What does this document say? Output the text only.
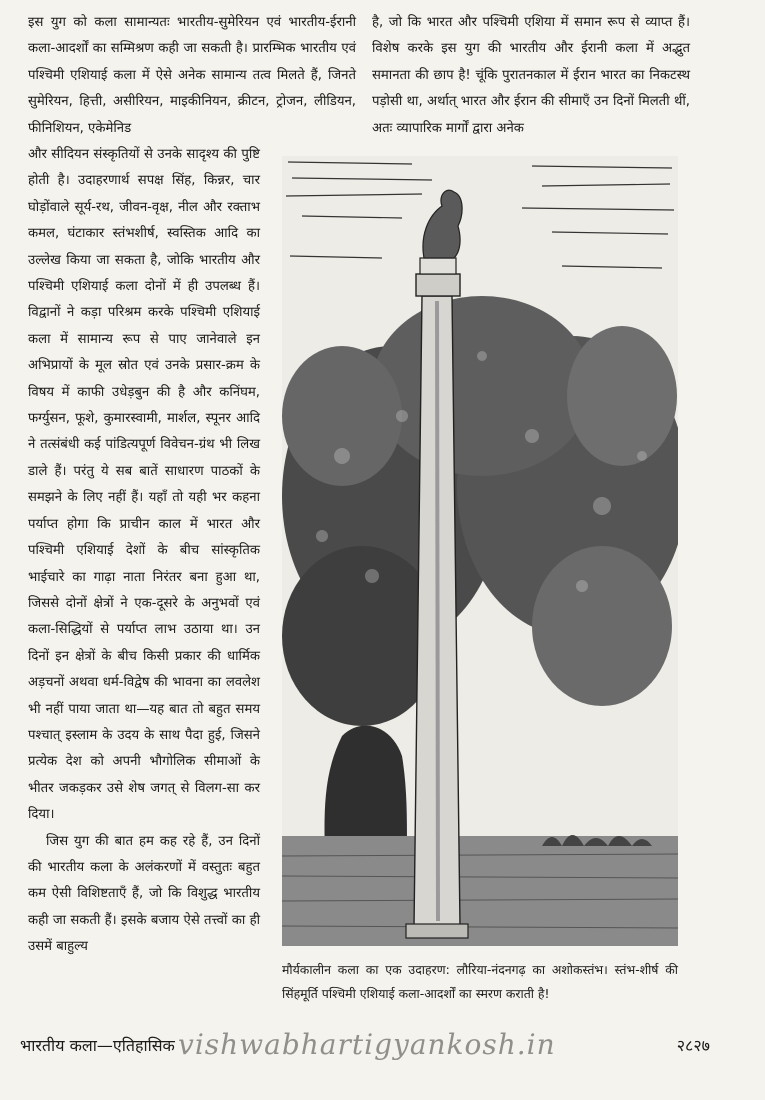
इस युग को कला सामान्यतः भारतीय-सुमेरियन एवं भारतीय-ईरानी कला-आदर्शों का सम्मिश्रण कही जा सकती है। प्रारम्भिक भारतीय एवं पश्चिमी एशियाई कला में ऐसे अनेक सामान्य तत्व मिलते हैं, जिनते सुमेरियन, हित्ती, असीरियन, माइकीनियन, क्रीटन, ट्रोजन, लीडियन, फीनिशियन, एकेमेनिड

है, जो कि भारत और पश्चिमी एशिया में समान रूप से व्याप्त हैं। विशेष करके इस युग की भारतीय और ईरानी कला में अद्भुत समानता की छाप है! चूंकि पुरातनकाल में ईरान भारत का निकटस्थ पड़ोसी था, अर्थात् भारत और ईरान की सीमाएँ उन दिनों मिलती थीं, अतः व्यापारिक मार्गों द्वारा अनेक

और सीदियन संस्कृतियों से उनके सादृश्य की पुष्टि होती है। उदाहरणार्थ सपक्ष सिंह, किन्नर, चार घोड़ोंवाले सूर्य-रथ, जीवन-वृक्ष, नील और रक्ताभ कमल, घंटाकार स्तंभशीर्ष, स्वस्तिक आदि का उल्लेख किया जा सकता है, जोकि भारतीय और पश्चिमी एशियाई कला दोनों में ही उपलब्ध हैं। विद्वानों ने कड़ा परिश्रम करके पश्चिमी एशियाई कला में सामान्य रूप से पाए जानेवाले इन अभिप्रायों के मूल स्रोत एवं उनके प्रसार-क्रम के विषय में काफी उधेड़बुन की है और कनिंघम, फर्ग्युसन, फूशे, कुमारस्वामी, मार्शल, स्पूनर आदि ने तत्संबंधी कई पांडित्यपूर्ण विवेचन-ग्रंथ भी लिख डाले हैं। परंतु ये सब बातें साधारण पाठकों के समझने के लिए नहीं हैं। यहाँ तो यही भर कहना पर्याप्त होगा कि प्राचीन काल में भारत और पश्चिमी एशियाई देशों के बीच सांस्कृतिक भाईचारे का गाढ़ा नाता निरंतर बना हुआ था, जिससे दोनों क्षेत्रों ने एक-दूसरे के अनुभवों एवं कला-सिद्धियों से पर्याप्त लाभ उठाया था। उन दिनों इन क्षेत्रों के बीच किसी प्रकार की धार्मिक अड़चनों अथवा धर्म-विद्वेष की भावना का लवलेश भी नहीं पाया जाता था—यह बात तो बहुत समय पश्चात् इस्लाम के उदय के साथ पैदा हुई, जिसने प्रत्येक देश को अपनी भौगोलिक सीमाओं के भीतर जकड़कर उसे शेष जगत् से विलग-सा कर दिया।

जिस युग की बात हम कह रहे हैं, उन दिनों की भारतीय कला के अलंकरणों में वस्तुतः बहुत कम ऐसी विशिष्टताएँ हैं, जो कि विशुद्ध भारतीय कही जा सकती हैं। इसके बजाय ऐसे तत्त्वों का ही उसमें बाहुल्य

मौर्यकालीन कला का एक उदाहरण: लौरिया-नंदनगढ़ का अशोकस्तंभ। स्तंभ-शीर्ष की सिंहमूर्ति पश्चिमी एशियाई कला-आदर्शों का स्मरण कराती है!
भारतीय कला—एतिहासिक vishwabhartigyankosh.in	२८२७
